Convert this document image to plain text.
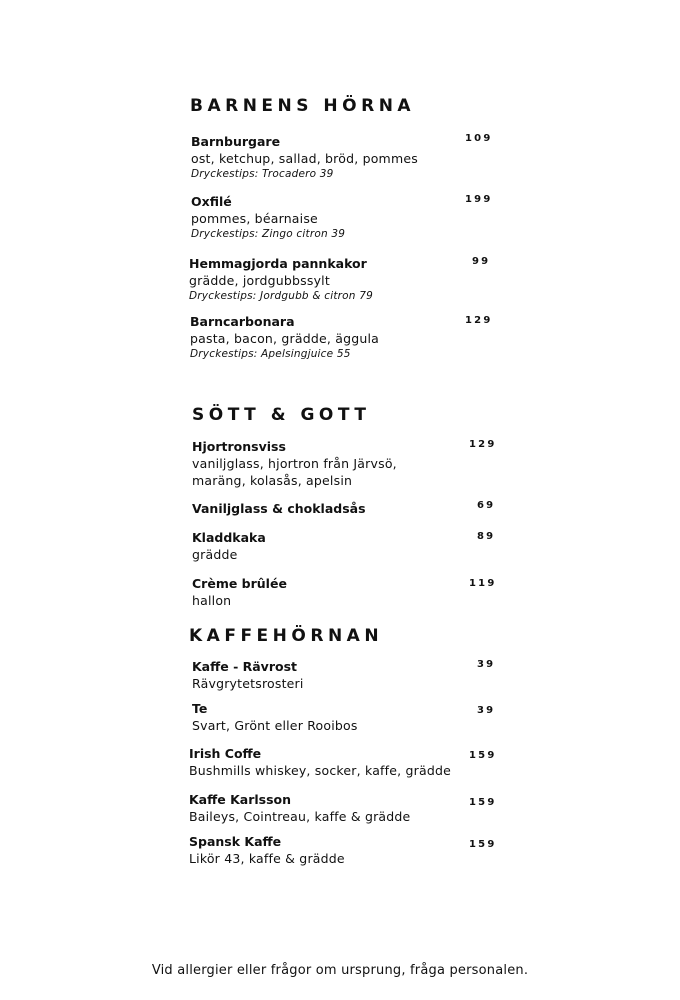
BARNENS HÖRNA
Barnburgare
ost, ketchup, sallad, bröd, pommes
Dryckestips: Trocadero 39
109
Oxfilé
pommes, béarnaise
Dryckestips: Zingo citron 39
199
Hemmagjorda pannkakor
grädde, jordgubbssylt
Dryckestips: Jordgubb & citron 79
99
Barncarbonara
pasta, bacon, grädde, äggula
Dryckestips: Apelsingjuice 55
129
SÖTT & GOTT
Hjortronsviss
vaniljglass, hjortron från Järvsö, maräng, kolasås, apelsin
129
Vaniljglass & chokladsås	69
Kladdkaka
grädde
89
Crème brûlée
hallon
119
KAFFEHÖRNAN
Kaffe - Rävrost
Rävgrytetsrosteri
39
Te
Svart, Grönt eller Rooibos
39
Irish Coffe
Bushmills whiskey, socker, kaffe, grädde
159
Kaffe Karlsson
Baileys, Cointreau, kaffe & grädde
159
Spansk Kaffe
Likör 43, kaffe & grädde
159
Vid allergier eller frågor om ursprung, fråga personalen.
